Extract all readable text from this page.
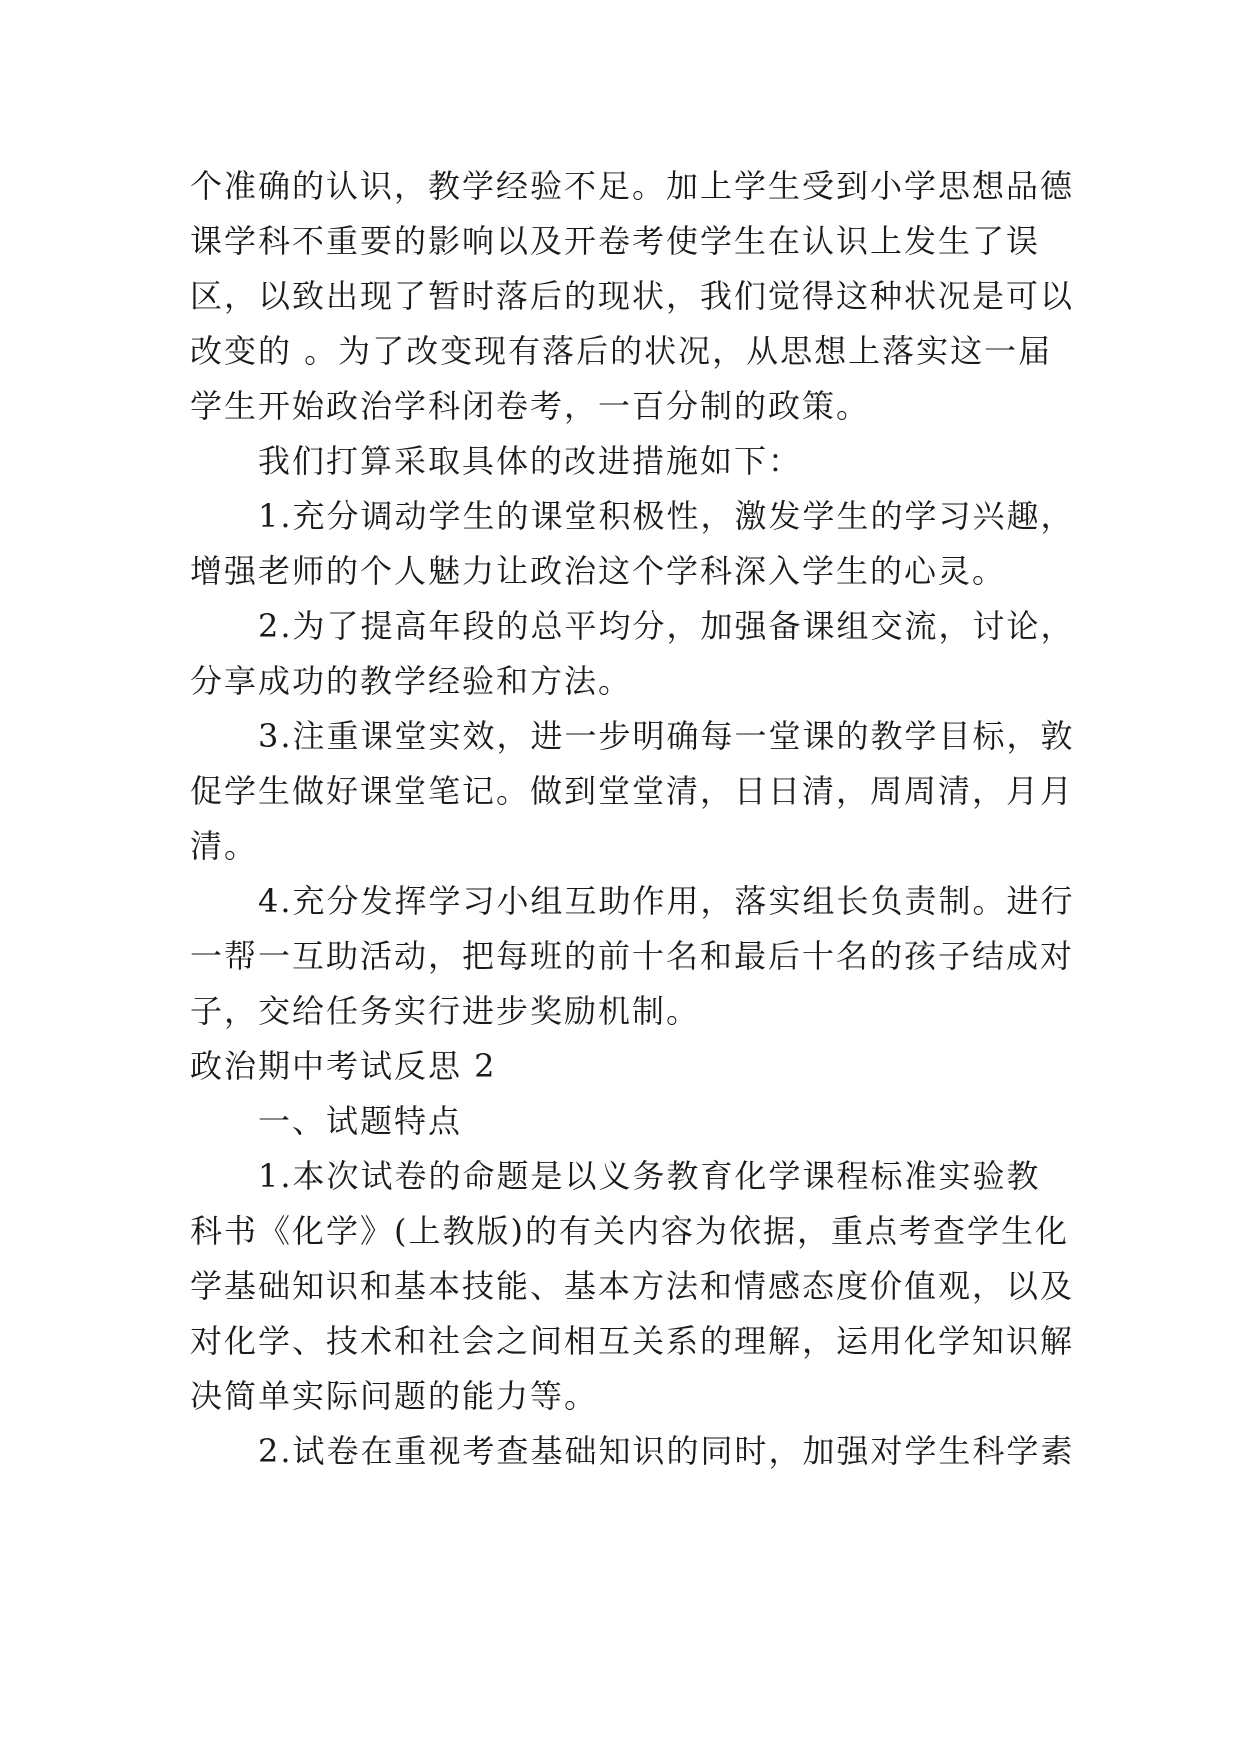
个准确的认识，教学经验不足。加上学生受到小学思想品德
课学科不重要的影响以及开卷考使学生在认识上发生了误
区，以致出现了暂时落后的现状，我们觉得这种状况是可以
改变的 。为了改变现有落后的状况，从思想上落实这一届
学生开始政治学科闭卷考，一百分制的政策。
我们打算采取具体的改进措施如下：
1.充分调动学生的课堂积极性，激发学生的学习兴趣，
增强老师的个人魅力让政治这个学科深入学生的心灵。
2.为了提高年段的总平均分，加强备课组交流，讨论，
分享成功的教学经验和方法。
3.注重课堂实效，进一步明确每一堂课的教学目标，敦
促学生做好课堂笔记。做到堂堂清，日日清，周周清，月月
清。
4.充分发挥学习小组互助作用，落实组长负责制。进行
一帮一互助活动，把每班的前十名和最后十名的孩子结成对
子，交给任务实行进步奖励机制。
政治期中考试反思 2
一、试题特点
1.本次试卷的命题是以义务教育化学课程标准实验教
科书《化学》(上教版)的有关内容为依据，重点考查学生化
学基础知识和基本技能、基本方法和情感态度价值观，以及
对化学、技术和社会之间相互关系的理解，运用化学知识解
决简单实际问题的能力等。
2.试卷在重视考查基础知识的同时，加强对学生科学素
